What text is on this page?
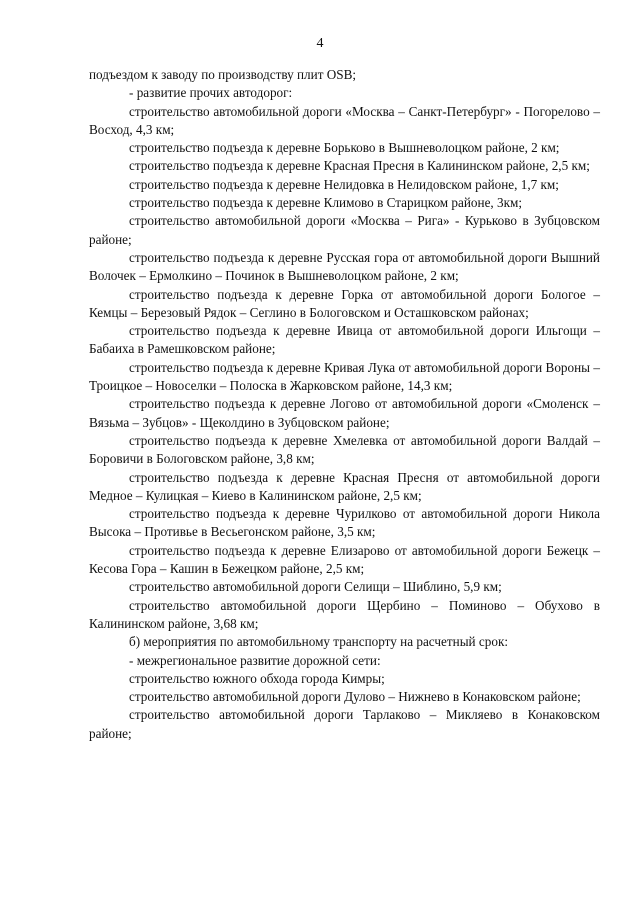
4

подъездом к заводу по производству плит OSB;

- развитие прочих автодорог:

строительство автомобильной дороги «Москва – Санкт-Петербург» - Погорелово – Восход, 4,3 км;

строительство подъезда к деревне Борьково в Вышневолоцком районе, 2 км;

строительство подъезда к деревне Красная Пресня в Калининском районе, 2,5 км;

строительство подъезда к деревне Нелидовка в Нелидовском районе, 1,7 км;

строительство подъезда к деревне Климово в Старицком районе, 3км;

строительство автомобильной дороги «Москва – Рига» - Курьково в Зубцовском районе;

строительство подъезда к деревне Русская гора от автомобильной дороги Вышний Волочек – Ермолкино – Починок в Вышневолоцком районе, 2 км;

строительство подъезда к деревне Горка от автомобильной дороги Бологое – Кемцы – Березовый Рядок – Сеглино в Бологовском и Осташковском районах;

строительство подъезда к деревне Ивица от автомобильной дороги Ильгощи – Бабаиха в Рамешковском районе;

строительство подъезда к деревне Кривая Лука от автомобильной дороги Вороны – Троицкое – Новоселки – Полоска в Жарковском районе, 14,3 км;

строительство подъезда к деревне Логово от автомобильной дороги «Смоленск – Вязьма – Зубцов» - Щеколдино в Зубцовском районе;

строительство подъезда к деревне Хмелевка от автомобильной дороги Валдай – Боровичи в Бологовском районе, 3,8 км;

строительство подъезда к деревне Красная Пресня от автомобильной дороги Медное – Кулицкая – Киево в Калининском районе, 2,5 км;

строительство подъезда к деревне Чурилково от автомобильной дороги Никола Высока – Противье в Весьегонском районе, 3,5 км;

строительство подъезда к деревне Елизарово от автомобильной дороги Бежецк – Кесова Гора – Кашин в Бежецком районе, 2,5 км;

строительство автомобильной дороги Селищи – Шиблино, 5,9 км;

строительство автомобильной дороги Щербино – Поминово – Обухово в Калининском районе, 3,68 км;

б) мероприятия по автомобильному транспорту на расчетный срок:

- межрегиональное развитие дорожной сети:

строительство южного обхода города Кимры;

строительство автомобильной дороги Дулово – Нижнево в Конаковском районе;

строительство автомобильной дороги Тарлаково – Микляево в Конаковском районе;
